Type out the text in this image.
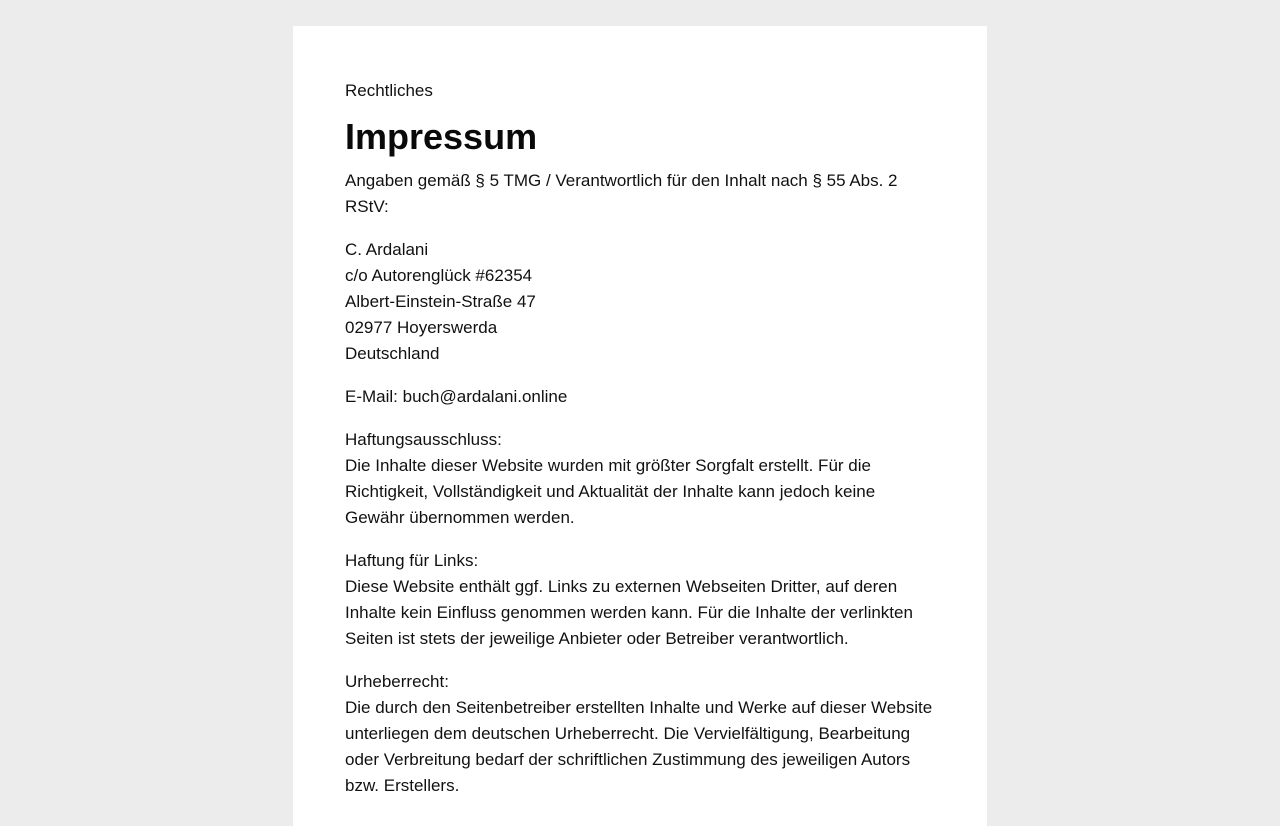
Rechtliches
Impressum

Angaben gemäß § 5 TMG / Verantwortlich für den Inhalt nach § 55 Abs. 2 RStV:

C. Ardalani
c/o Autorenglück #62354
Albert-Einstein-Straße 47
02977 Hoyerswerda
Deutschland

E-Mail: buch@ardalani.online

Haftungsausschluss:
Die Inhalte dieser Website wurden mit größter Sorgfalt erstellt. Für die Richtigkeit, Vollständigkeit und Aktualität der Inhalte kann jedoch keine Gewähr übernommen werden.

Haftung für Links:
Diese Website enthält ggf. Links zu externen Webseiten Dritter, auf deren Inhalte kein Einfluss genommen werden kann. Für die Inhalte der verlinkten Seiten ist stets der jeweilige Anbieter oder Betreiber verantwortlich.

Urheberrecht:
Die durch den Seitenbetreiber erstellten Inhalte und Werke auf dieser Website unterliegen dem deutschen Urheberrecht. Die Vervielfältigung, Bearbeitung oder Verbreitung bedarf der schriftlichen Zustimmung des jeweiligen Autors bzw. Erstellers.
